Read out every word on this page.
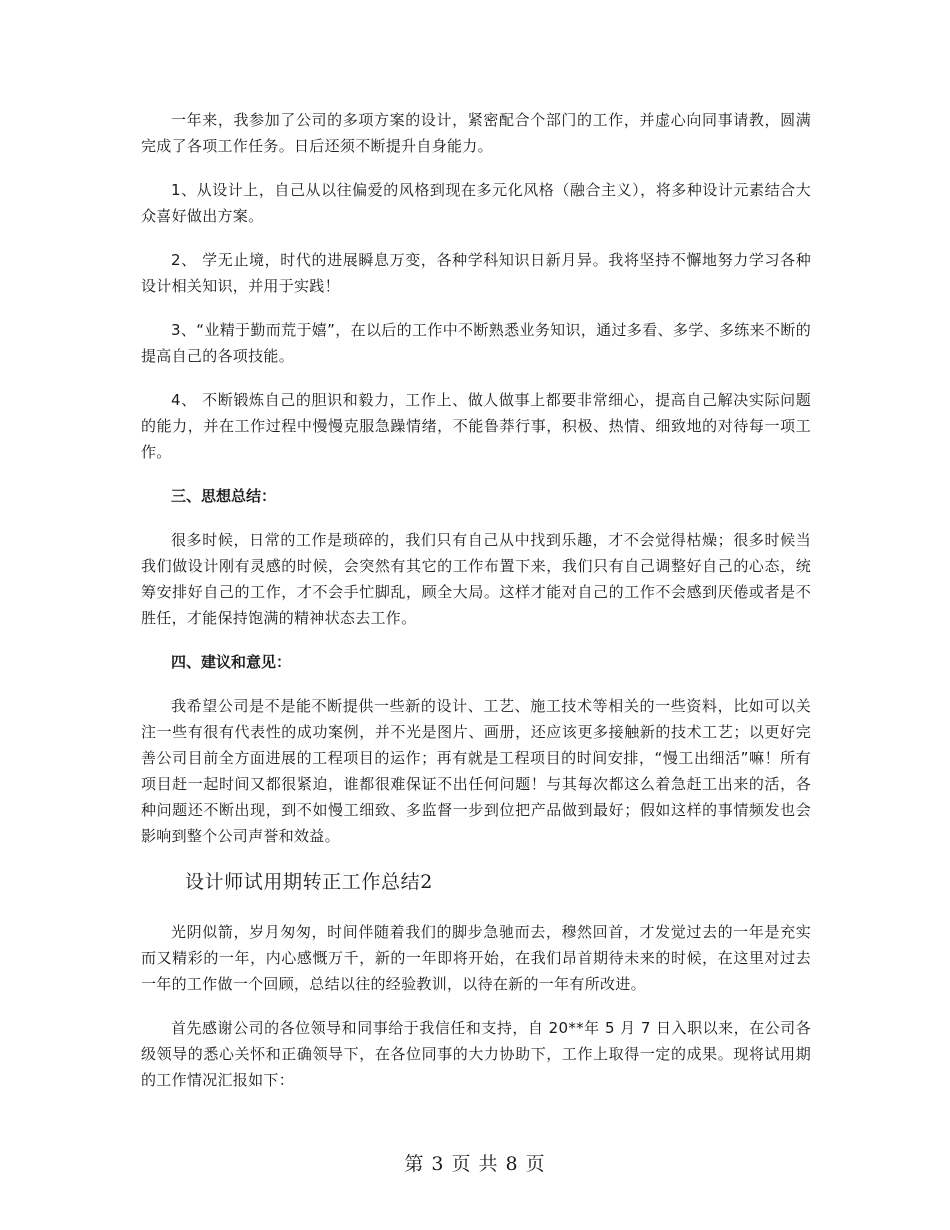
一年来，我参加了公司的多项方案的设计，紧密配合个部门的工作，并虚心向同事请教，圆满完成了各项工作任务。日后还须不断提升自身能力。

1、从设计上，自己从以往偏爱的风格到现在多元化风格（融合主义），将多种设计元素结合大众喜好做出方案。

2、 学无止境，时代的进展瞬息万变，各种学科知识日新月异。我将坚持不懈地努力学习各种设计相关知识，并用于实践！

3、“业精于勤而荒于嬉”，在以后的工作中不断熟悉业务知识，通过多看、多学、多练来不断的提高自己的各项技能。

4、 不断锻炼自己的胆识和毅力，工作上、做人做事上都要非常细心，提高自己解决实际问题的能力，并在工作过程中慢慢克服急躁情绪，不能鲁莽行事，积极、热情、细致地的对待每一项工作。

三、思想总结：

很多时候，日常的工作是琐碎的，我们只有自己从中找到乐趣，才不会觉得枯燥；很多时候当我们做设计刚有灵感的时候，会突然有其它的工作布置下来，我们只有自己调整好自己的心态，统筹安排好自己的工作，才不会手忙脚乱，顾全大局。这样才能对自己的工作不会感到厌倦或者是不胜任，才能保持饱满的精神状态去工作。

四、建议和意见：

我希望公司是不是能不断提供一些新的设计、工艺、施工技术等相关的一些资料，比如可以关注一些有很有代表性的成功案例，并不光是图片、画册，还应该更多接触新的技术工艺；以更好完善公司目前全方面进展的工程项目的运作；再有就是工程项目的时间安排，“慢工出细活”嘛！所有项目赶一起时间又都很紧迫，谁都很难保证不出任何问题！与其每次都这么着急赶工出来的活，各种问题还不断出现，到不如慢工细致、多监督一步到位把产品做到最好；假如这样的事情频发也会影响到整个公司声誉和效益。

设计师试用期转正工作总结2

光阴似箭，岁月匆匆，时间伴随着我们的脚步急驰而去，穆然回首，才发觉过去的一年是充实而又精彩的一年，内心感慨万千，新的一年即将开始，在我们昂首期待未来的时候，在这里对过去一年的工作做一个回顾，总结以往的经验教训，以待在新的一年有所改进。

首先感谢公司的各位领导和同事给于我信任和支持，自 20**年 5 月 7 日入职以来，在公司各级领导的悉心关怀和正确领导下，在各位同事的大力协助下，工作上取得一定的成果。现将试用期的工作情况汇报如下：

第 3 页 共 8 页
